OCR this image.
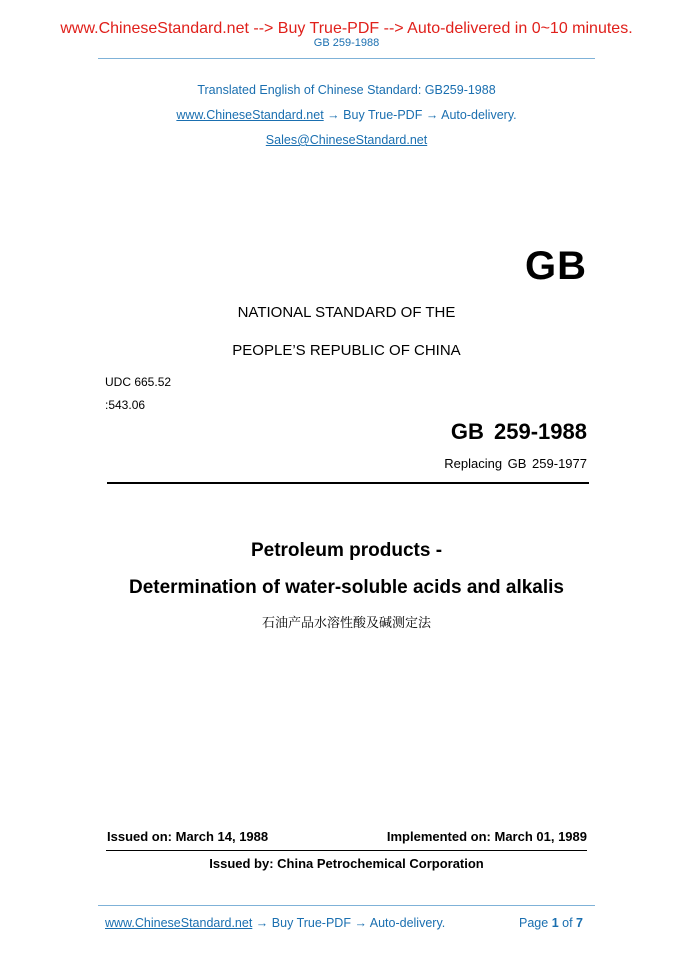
www.ChineseStandard.net --> Buy True-PDF --> Auto-delivered in 0~10 minutes.
GB 259-1988
Translated English of Chinese Standard: GB259-1988
www.ChineseStandard.net → Buy True-PDF → Auto-delivery.
Sales@ChineseStandard.net
GB
NATIONAL STANDARD OF THE
PEOPLE’S REPUBLIC OF CHINA
UDC 665.52
:543.06
GB 259-1988
Replacing GB 259-1977
Petroleum products -
Determination of water-soluble acids and alkalis
石油产品水溶性酸及碱测定法
Issued on: March 14, 1988	Implemented on: March 01, 1989
Issued by: China Petrochemical Corporation
www.ChineseStandard.net → Buy True-PDF → Auto-delivery.	Page 1 of 7
